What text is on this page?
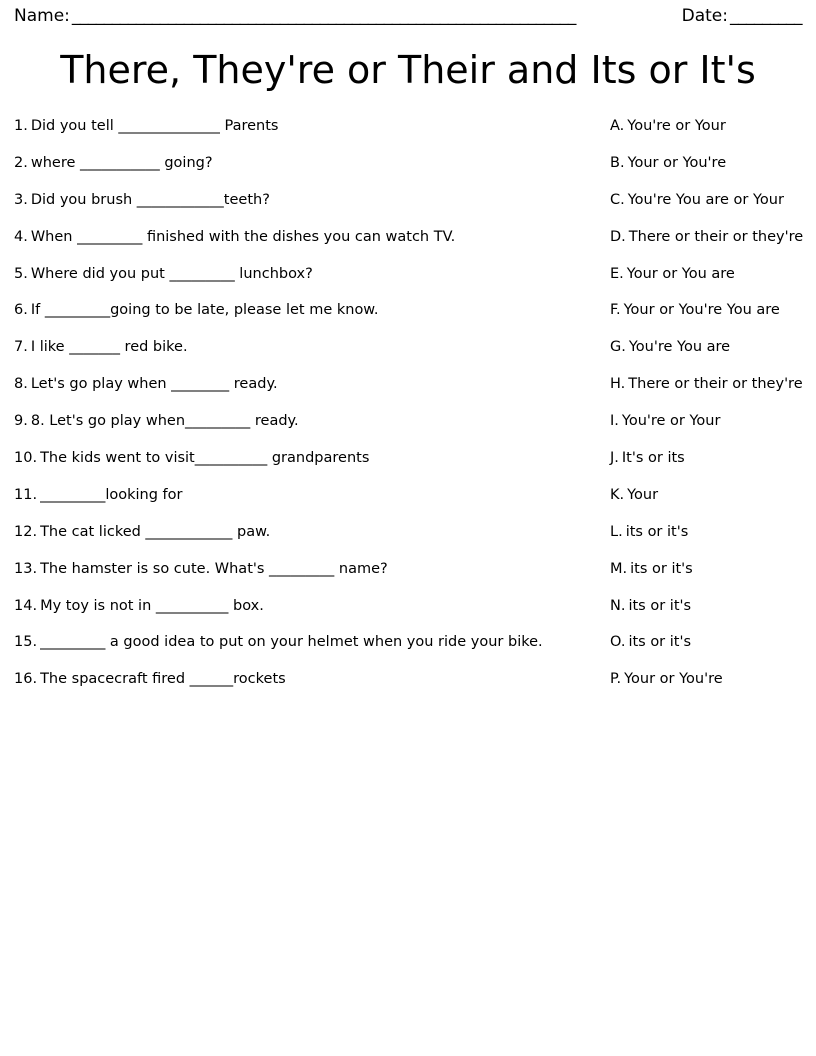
Name: _______________________________________________________________	Date: _________
There, They're or Their and Its or It's
1. Did you tell ______________ Parents
2. where ___________ going?
3. Did you brush ____________teeth?
4. When _________ finished with the dishes you can watch TV.
5. Where did you put _________ lunchbox?
6. If _________going to be late, please let me know.
7. I like _______ red bike.
8. Let's go play when ________ ready.
9. 8. Let's go play when_________ ready.
10. The kids went to visit__________ grandparents
11. _________looking for
12. The cat licked ____________ paw.
13. The hamster is so cute. What's _________ name?
14. My toy is not in __________ box.
15. _________ a good idea to put on your helmet when you ride your bike.
16. The spacecraft fired ______rockets
A. You're or Your
B. Your or You're
C. You're You are or Your
D. There or their or they're
E. Your or You are
F. Your or You're You are
G. You're You are
H. There or their or they're
I. You're or Your
J. It's or its
K. Your
L. its or it's
M. its or it's
N. its or it's
O. its or it's
P. Your or You're
